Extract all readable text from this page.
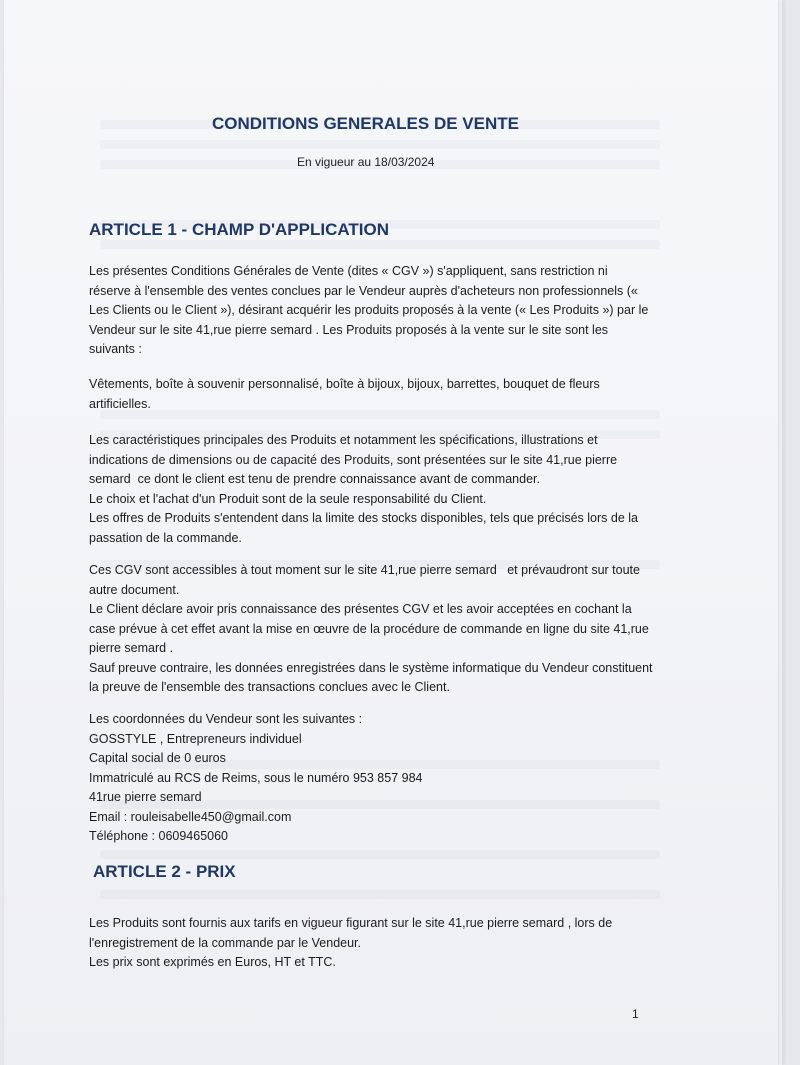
CONDITIONS GENERALES DE VENTE

En vigueur au 18/03/2024

ARTICLE 1 - CHAMP D'APPLICATION

Les présentes Conditions Générales de Vente (dites « CGV ») s'appliquent, sans restriction ni

réserve à l'ensemble des ventes conclues par le Vendeur auprès d'acheteurs non professionnels («

Les Clients ou le Client »), désirant acquérir les produits proposés à la vente (« Les Produits ») par le

Vendeur sur le site 41,rue pierre semard . Les Produits proposés à la vente sur le site sont les

suivants :

Vêtements, boîte à souvenir personnalisé, boîte à bijoux, bijoux, barrettes, bouquet de fleurs

artificielles.

Les caractéristiques principales des Produits et notamment les spécifications, illustrations et

indications de dimensions ou de capacité des Produits, sont présentées sur le site 41,rue pierre

semard  ce dont le client est tenu de prendre connaissance avant de commander.

Le choix et l'achat d'un Produit sont de la seule responsabilité du Client.

Les offres de Produits s'entendent dans la limite des stocks disponibles, tels que précisés lors de la

passation de la commande.

Ces CGV sont accessibles à tout moment sur le site 41,rue pierre semard   et prévaudront sur toute

autre document.

Le Client déclare avoir pris connaissance des présentes CGV et les avoir acceptées en cochant la

case prévue à cet effet avant la mise en œuvre de la procédure de commande en ligne du site 41,rue

pierre semard .

Sauf preuve contraire, les données enregistrées dans le système informatique du Vendeur constituent

la preuve de l'ensemble des transactions conclues avec le Client.

Les coordonnées du Vendeur sont les suivantes :

GOSSTYLE , Entrepreneurs individuel

Capital social de 0 euros

Immatriculé au RCS de Reims, sous le numéro 953 857 984

41rue pierre semard

Email : rouleisabelle450@gmail.com

Téléphone : 0609465060

ARTICLE 2 - PRIX

Les Produits sont fournis aux tarifs en vigueur figurant sur le site 41,rue pierre semard , lors de

l'enregistrement de la commande par le Vendeur.

Les prix sont exprimés en Euros, HT et TTC.

1
